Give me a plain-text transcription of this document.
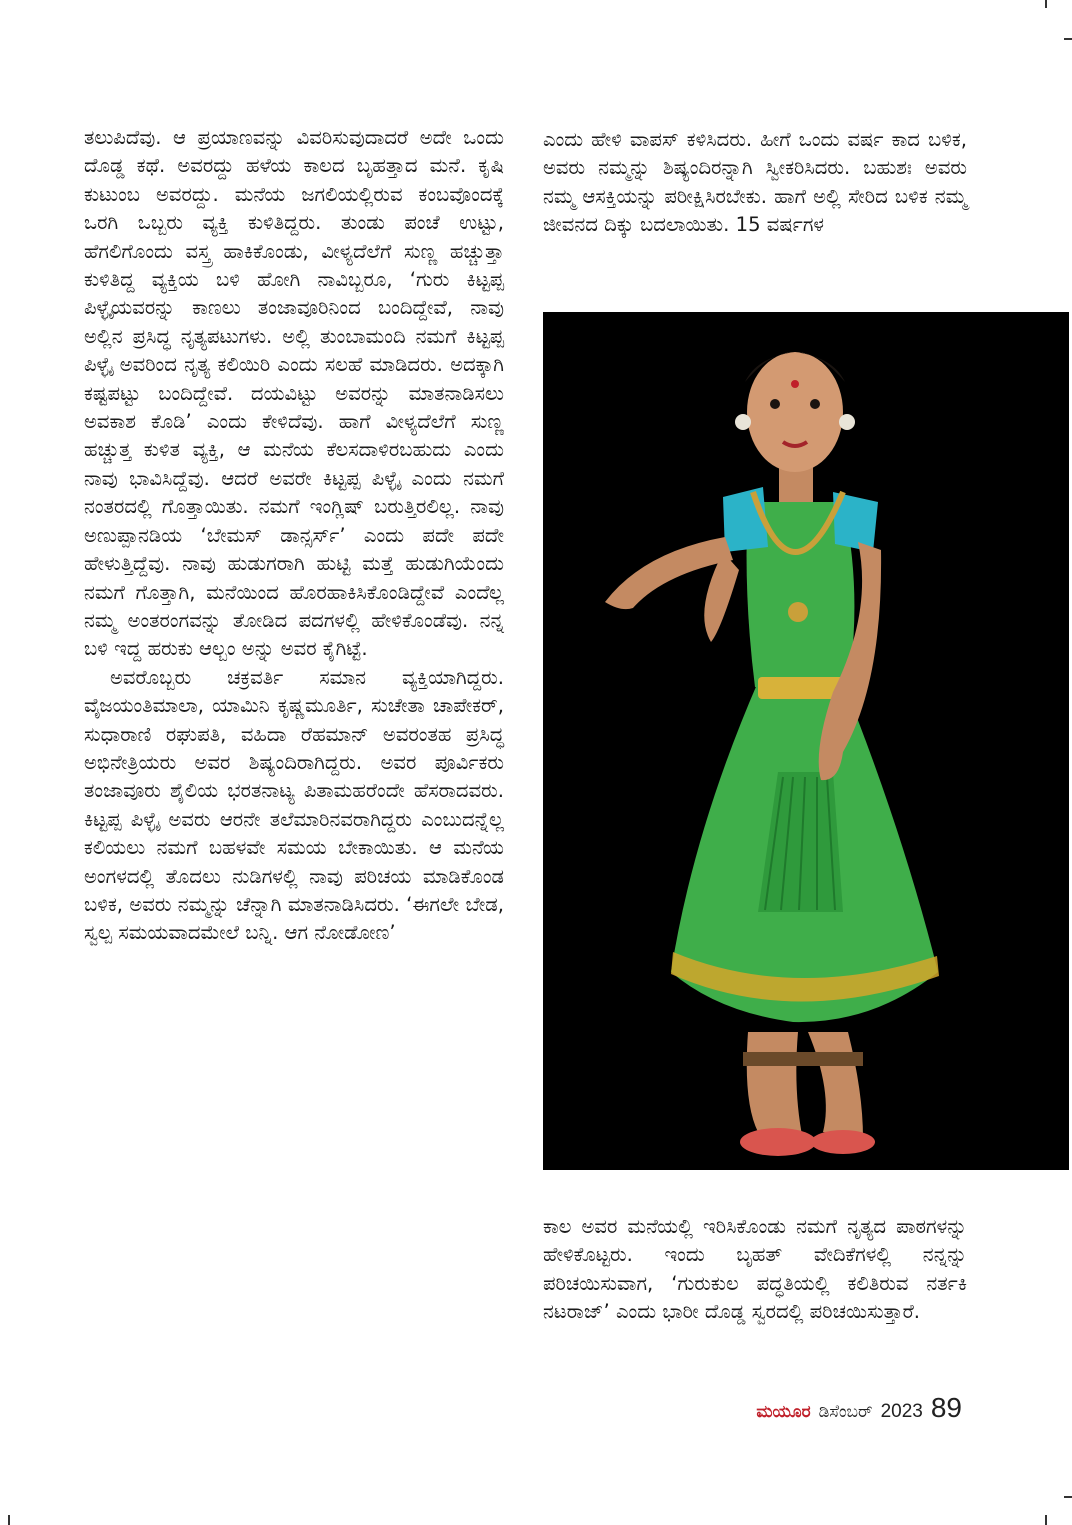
ತಲುಪಿದೆವು. ಆ ಪ್ರಯಾಣವನ್ನು ವಿವರಿಸುವುದಾದರೆ ಅದೇ ಒಂದು ದೊಡ್ಡ ಕಥೆ. ಅವರದ್ದು ಹಳೆಯ ಕಾಲದ ಬೃಹತ್ತಾದ ಮನೆ. ಕೃಷಿ ಕುಟುಂಬ ಅವರದ್ದು. ಮನೆಯ ಜಗಲಿಯಲ್ಲಿರುವ ಕಂಬವೊಂದಕ್ಕೆ ಒರಗಿ ಒಬ್ಬರು ವ್ಯಕ್ತಿ ಕುಳಿತಿದ್ದರು. ತುಂಡು ಪಂಚೆ ಉಟ್ಟು, ಹೆಗಲಿಗೊಂದು ವಸ್ತ್ರ ಹಾಕಿಕೊಂಡು, ವೀಳ್ಯದೆಲೆಗೆ ಸುಣ್ಣ ಹಚ್ಚುತ್ತಾ ಕುಳಿತಿದ್ದ ವ್ಯಕ್ತಿಯ ಬಳಿ ಹೋಗಿ ನಾವಿಬ್ಬರೂ, ‘ಗುರು ಕಿಟ್ಟಪ್ಪ ಪಿಳ್ಳೈಯವರನ್ನು ಕಾಣಲು ತಂಜಾವೂರಿನಿಂದ ಬಂದಿದ್ದೇವೆ, ನಾವು ಅಲ್ಲಿನ ಪ್ರಸಿದ್ಧ ನೃತ್ಯಪಟುಗಳು. ಅಲ್ಲಿ ತುಂಬಾಮಂದಿ ನಮಗೆ ಕಿಟ್ಟಪ್ಪ ಪಿಳ್ಳೈ ಅವರಿಂದ ನೃತ್ಯ ಕಲಿಯಿರಿ ಎಂದು ಸಲಹೆ ಮಾಡಿದರು. ಅದಕ್ಕಾಗಿ ಕಷ್ಟಪಟ್ಟು ಬಂದಿದ್ದೇವೆ. ದಯವಿಟ್ಟು ಅವರನ್ನು ಮಾತನಾಡಿಸಲು ಅವಕಾಶ ಕೊಡಿ’ ಎಂದು ಕೇಳಿದೆವು. ಹಾಗೆ ವೀಳ್ಯದೆಲೆಗೆ ಸುಣ್ಣ ಹಚ್ಚುತ್ತ ಕುಳಿತ ವ್ಯಕ್ತಿ, ಆ ಮನೆಯ ಕೆಲಸದಾಳಿರಬಹುದು ಎಂದು ನಾವು ಭಾವಿಸಿದ್ದೆವು. ಆದರೆ ಅವರೇ ಕಿಟ್ಟಪ್ಪ ಪಿಳ್ಳೈ ಎಂದು ನಮಗೆ ನಂತರದಲ್ಲಿ ಗೊತ್ತಾಯಿತು. ನಮಗೆ ಇಂಗ್ಲಿಷ್ ಬರುತ್ತಿರಲಿಲ್ಲ. ನಾವು ಅಣುಪ್ಪಾನಡಿಯ ‘ಬೇಮಸ್ ಡಾನ್ಸರ್ಸ್’ ಎಂದು ಪದೇ ಪದೇ ಹೇಳುತ್ತಿದ್ದೆವು. ನಾವು ಹುಡುಗರಾಗಿ ಹುಟ್ಟಿ ಮತ್ತೆ ಹುಡುಗಿಯೆಂದು ನಮಗೆ ಗೊತ್ತಾಗಿ, ಮನೆಯಿಂದ ಹೊರಹಾಕಿಸಿಕೊಂಡಿದ್ದೇವೆ ಎಂದೆಲ್ಲ ನಮ್ಮ ಅಂತರಂಗವನ್ನು ತೋಡಿದ ಪದಗಳಲ್ಲಿ ಹೇಳಿಕೊಂಡೆವು. ನನ್ನ ಬಳಿ ಇದ್ದ ಹರುಕು ಆಲ್ಬಂ ಅನ್ನು ಅವರ ಕೈಗಿಟ್ಟೆ.

ಅವರೊಬ್ಬರು ಚಕ್ರವರ್ತಿ ಸಮಾನ ವ್ಯಕ್ತಿಯಾಗಿದ್ದರು. ವೈಜಯಂತಿಮಾಲಾ, ಯಾಮಿನಿ ಕೃಷ್ಣಮೂರ್ತಿ, ಸುಚೇತಾ ಚಾಪೇಕರ್, ಸುಧಾರಾಣಿ ರಘುಪತಿ, ವಹಿದಾ ರೆಹಮಾನ್ ಅವರಂತಹ ಪ್ರಸಿದ್ಧ ಅಭಿನೇತ್ರಿಯರು ಅವರ ಶಿಷ್ಯಂದಿರಾಗಿದ್ದರು. ಅವರ ಪೂರ್ವಿಕರು ತಂಜಾವೂರು ಶೈಲಿಯ ಭರತನಾಟ್ಯ ಪಿತಾಮಹರೆಂದೇ ಹೆಸರಾದವರು. ಕಿಟ್ಟಪ್ಪ ಪಿಳ್ಳೈ ಅವರು ಆರನೇ ತಲೆಮಾರಿನವರಾಗಿದ್ದರು ಎಂಬುದನ್ನೆಲ್ಲ ಕಲಿಯಲು ನಮಗೆ ಬಹಳವೇ ಸಮಯ ಬೇಕಾಯಿತು. ಆ ಮನೆಯ ಅಂಗಳದಲ್ಲಿ ತೊದಲು ನುಡಿಗಳಲ್ಲಿ ನಾವು ಪರಿಚಯ ಮಾಡಿಕೊಂಡ ಬಳಿಕ, ಅವರು ನಮ್ಮನ್ನು ಚೆನ್ನಾಗಿ ಮಾತನಾಡಿಸಿದರು. ‘ಈಗಲೇ ಬೇಡ, ಸ್ವಲ್ಪ ಸಮಯವಾದಮೇಲೆ ಬನ್ನಿ. ಆಗ ನೋಡೋಣ’

ಎಂದು ಹೇಳಿ ವಾಪಸ್ ಕಳಿಸಿದರು. ಹೀಗೆ ಒಂದು ವರ್ಷ ಕಾದ ಬಳಿಕ, ಅವರು ನಮ್ಮನ್ನು ಶಿಷ್ಯಂದಿರನ್ನಾಗಿ ಸ್ವೀಕರಿಸಿದರು. ಬಹುಶಃ ಅವರು ನಮ್ಮ ಆಸಕ್ತಿಯನ್ನು ಪರೀಕ್ಷಿಸಿರಬೇಕು. ಹಾಗೆ ಅಲ್ಲಿ ಸೇರಿದ ಬಳಿಕ ನಮ್ಮ ಜೀವನದ ದಿಕ್ಕು ಬದಲಾಯಿತು. 15 ವರ್ಷಗಳ

ಕಾಲ ಅವರ ಮನೆಯಲ್ಲಿ ಇರಿಸಿಕೊಂಡು ನಮಗೆ ನೃತ್ಯದ ಪಾಠಗಳನ್ನು ಹೇಳಿಕೊಟ್ಟರು. ಇಂದು ಬೃಹತ್ ವೇದಿಕೆಗಳಲ್ಲಿ ನನ್ನನ್ನು ಪರಿಚಯಿಸುವಾಗ, ‘ಗುರುಕುಲ ಪದ್ಧತಿಯಲ್ಲಿ ಕಲಿತಿರುವ ನರ್ತಕಿ ನಟರಾಜ್’ ಎಂದು ಭಾರೀ ದೊಡ್ಡ ಸ್ವರದಲ್ಲಿ ಪರಿಚಯಿಸುತ್ತಾರೆ.

ಮಯೂರ ಡಿಸೆಂಬರ್ 2023 89
